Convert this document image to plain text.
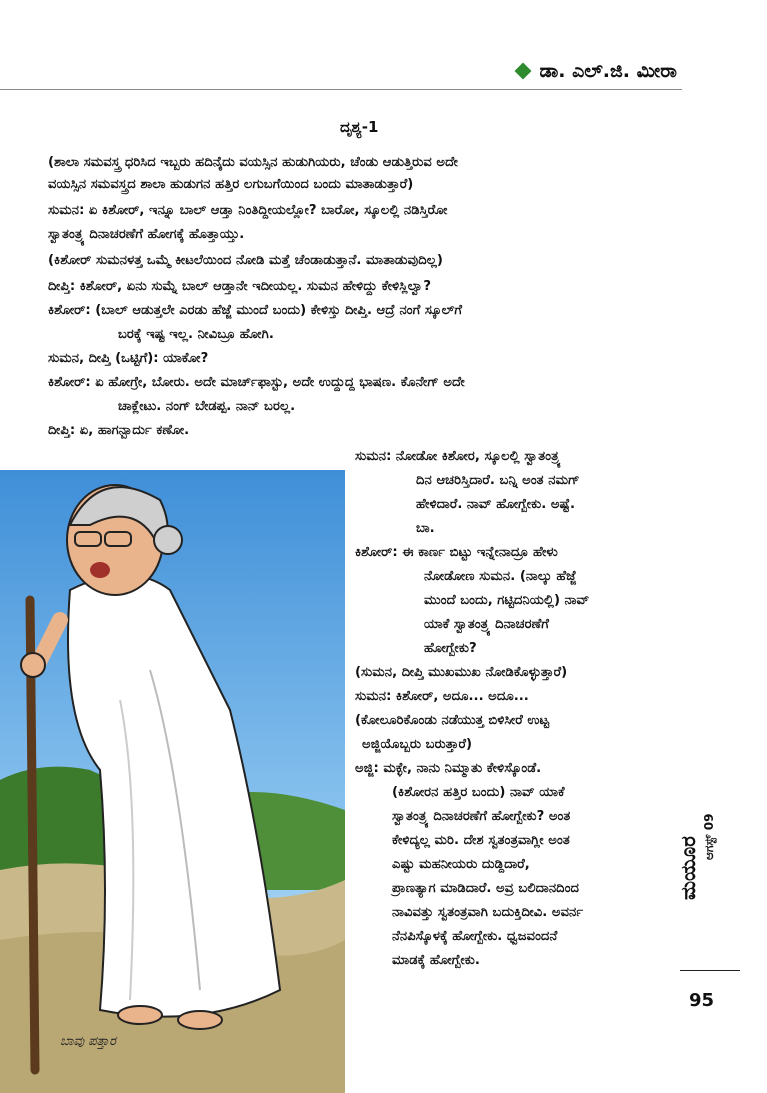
ಡಾ. ಎಲ್.ಜಿ. ಮೀರಾ
ದೃಶ್ಯ-1
(ಶಾಲಾ ಸಮವಸ್ತ್ರ ಧರಿಸಿದ ಇಬ್ಬರು ಹದಿನೈದು ವಯಸ್ಸಿನ ಹುಡುಗಿಯರು, ಚೆಂಡು ಆಡುತ್ತಿರುವ ಅದೇ
ವಯಸ್ಸಿನ ಸಮವಸ್ತ್ರದ ಶಾಲಾ ಹುಡುಗನ ಹತ್ತಿರ ಲಗುಬಗೆಯಿಂದ ಬಂದು ಮಾತಾಡುತ್ತಾರೆ)
ಸುಮನ: ಏ ಕಿಶೋರ್, ಇನ್ನೂ ಬಾಲ್ ಆಡ್ತಾ ನಿಂತಿದ್ದೀಯಲ್ಲೋ? ಬಾರೋ, ಸ್ಕೂಲಲ್ಲಿ ನಡಿಸ್ತಿರೋ
ಸ್ವಾತಂತ್ರ್ಯ ದಿನಾಚರಣೆಗೆ ಹೋಗಕ್ಕೆ ಹೊತ್ತಾಯ್ತು.
(ಕಿಶೋರ್ ಸುಮನಳತ್ತ ಒಮ್ಮೆ ಕೀಟಲೆಯಿಂದ ನೋಡಿ ಮತ್ತೆ ಚೆಂಡಾಡುತ್ತಾನೆ. ಮಾತಾಡುವುದಿಲ್ಲ)
ದೀಪ್ತಿ: ಕಿಶೋರ್, ಏನು ಸುಮ್ನೆ ಬಾಲ್ ಆಡ್ತಾನೇ ಇದೀಯಲ್ಲ. ಸುಮನ ಹೇಳಿದ್ದು ಕೇಳಿಸ್ಲಿಲ್ವಾ?
ಕಿಶೋರ್: (ಬಾಲ್ ಆಡುತ್ತಲೇ ಎರಡು ಹೆಜ್ಜೆ ಮುಂದೆ ಬಂದು) ಕೇಳಿಸ್ತು ದೀಪ್ತಿ. ಆದ್ರೆ ನಂಗೆ ಸ್ಕೂಲ್‌ಗೆ
ಬರಕ್ಕೆ ಇಷ್ಟ ಇಲ್ಲ. ನೀವಿಬ್ರೂ ಹೋಗಿ.
ಸುಮನ, ದೀಪ್ತಿ (ಒಟ್ಟಿಗೆ): ಯಾಕೋ?
ಕಿಶೋರ್: ಏ ಹೋಗ್ರೇ, ಬೋರು. ಅದೇ ಮಾರ್ಚ್‌ಫಾಸ್ಟು, ಅದೇ ಉದ್ದುದ್ದ ಭಾಷಣ. ಕೊನೇಗ್ ಅದೇ
ಚಾಕ್ಲೇಟು. ನಂಗ್ ಬೇಡಪ್ಪ. ನಾನ್ ಬರಲ್ಲ.
ದೀಪ್ತಿ: ಏ, ಹಾಗನ್ಬಾರ್ದು ಕಣೋ.
ಸುಮನ: ನೋಡೋ ಕಿಶೋರ, ಸ್ಕೂಲಲ್ಲಿ ಸ್ವಾತಂತ್ರ್ಯ
ದಿನ ಆಚರಿಸ್ತಿದಾರೆ. ಬನ್ನಿ ಅಂತ ನಮಗ್
ಹೇಳಿದಾರೆ. ನಾವ್ ಹೋಗ್ಬೇಕು. ಅಷ್ಟೆ.
ಬಾ.
ಕಿಶೋರ್: ಈ ಕಾರ್ಣ ಬಿಟ್ಟು ಇನ್ನೇನಾದ್ರೂ ಹೇಳು
ನೋಡೋಣ ಸುಮನ. (ನಾಲ್ಕು ಹೆಜ್ಜೆ
ಮುಂದೆ ಬಂದು, ಗಟ್ಟಿದನಿಯಲ್ಲಿ) ನಾವ್
ಯಾಕೆ ಸ್ವಾತಂತ್ರ್ಯ ದಿನಾಚರಣೆಗೆ
ಹೋಗ್ಬೇಕು?
(ಸುಮನ, ದೀಪ್ತಿ ಮುಖಮುಖ ನೋಡಿಕೊಳ್ಳುತ್ತಾರೆ)
ಸುಮನ: ಕಿಶೋರ್, ಅದೂ... ಅದೂ...
(ಕೋಲೂರಿಕೊಂಡು ನಡೆಯುತ್ತ ಬಿಳಿಸೀರೆ ಉಟ್ಟ
ಅಜ್ಜಿಯೊಬ್ಬರು ಬರುತ್ತಾರೆ)
ಅಜ್ಜಿ: ಮಕ್ಳೇ, ನಾನು ನಿಮ್ಮಾತು ಕೇಳಿಸ್ಕೊಂಡೆ.
(ಕಿಶೋರನ ಹತ್ತಿರ ಬಂದು) ನಾವ್ ಯಾಕೆ
ಸ್ವಾತಂತ್ರ್ಯ ದಿನಾಚರಣೆಗೆ ಹೋಗ್ಬೇಕು? ಅಂತ
ಕೇಳಿದ್ಯಲ್ಲ ಮರಿ. ದೇಶ ಸ್ವತಂತ್ರವಾಗ್ಲೀ ಅಂತ
ಎಷ್ಟು ಮಹನೀಯರು ದುಡ್ದಿದಾರೆ,
ಪ್ರಾಣತ್ಯಾಗ ಮಾಡಿದಾರೆ. ಅವ್ರ ಬಲಿದಾನದಿಂದ
ನಾವಿವತ್ತು ಸ್ವತಂತ್ರವಾಗಿ ಬದುಕ್ತಿದೀವಿ. ಅವರ್ನ
ನೆನಪಿಸ್ಕೊಳಕ್ಕೆ ಹೋಗ್ಬೇಕು. ಧ್ವಜವಂದನೆ
ಮಾಡಕ್ಕೆ ಹೋಗ್ಬೇಕು.
ಬಾವು ಪತ್ತಾರ
ಮಯೂರ ಆಗಸ್ಟ್ 09
95
